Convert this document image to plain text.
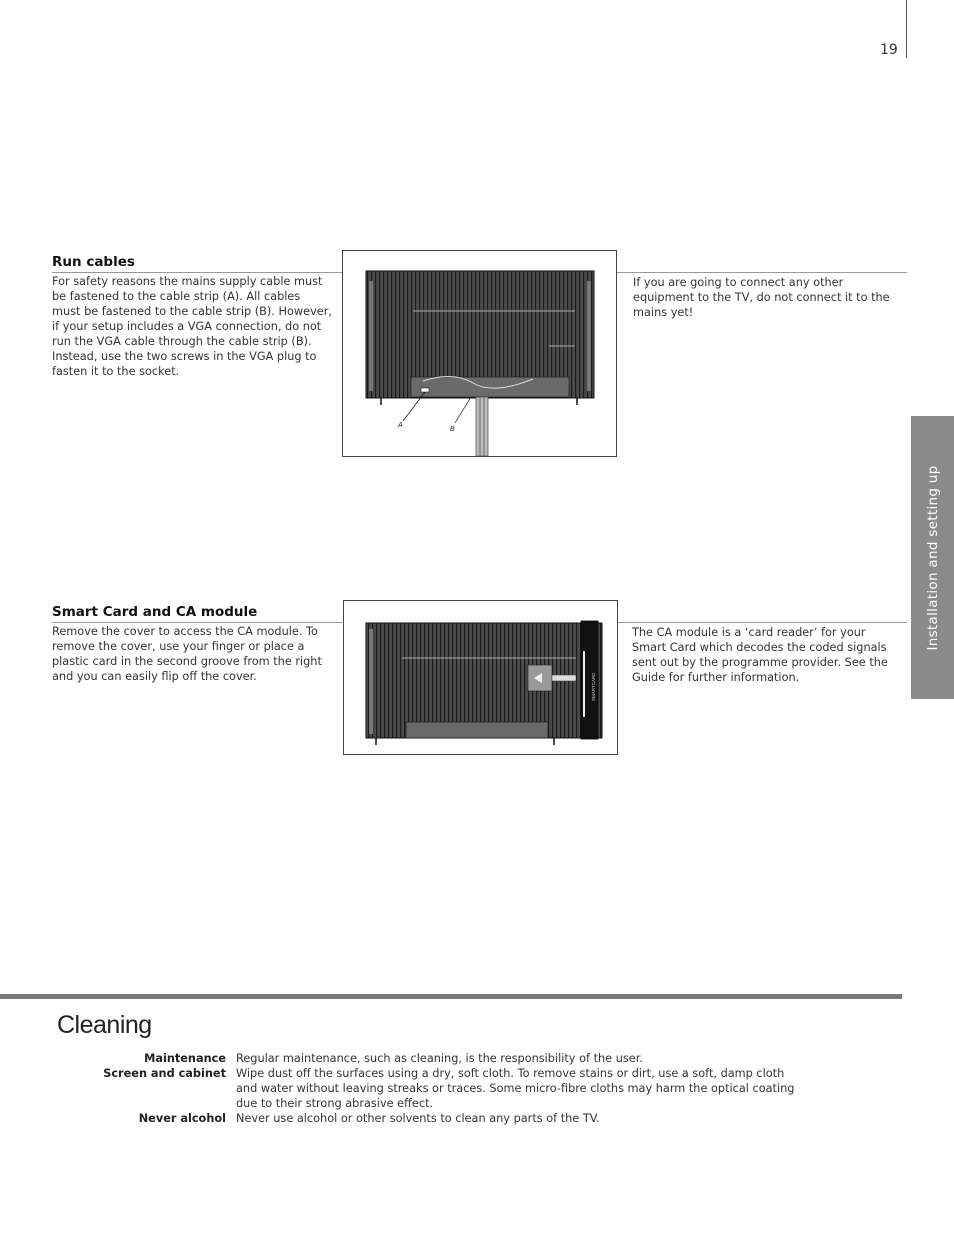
19
Installation and setting up
Run cables
For safety reasons the mains supply cable must be fastened to the cable strip (A). All cables must be fastened to the cable strip (B). However, if your setup includes a VGA connection, do not run the VGA cable through the cable strip (B). Instead, use the two screws in the VGA plug to fasten it to the socket.
A
B
If you are going to connect any other equipment to the TV, do not connect it to the mains yet!
Smart Card and CA module
Remove the cover to access the CA module. To remove the cover, use your finger or place a plastic card in the second groove from the right and you can easily flip off the cover.	SMARTCARD
The CA module is a ‘card reader’ for your Smart Card which decodes the coded signals sent out by the programme provider. See the Guide for further information.
Cleaning
Maintenance Regular maintenance, such as cleaning, is the responsibility of the user.
Screen and cabinet Wipe dust off the surfaces using a dry, soft cloth. To remove stains or dirt, use a soft, damp cloth and water without leaving streaks or traces. Some micro-fibre cloths may harm the optical coating due to their strong abrasive effect.
Never alcohol Never use alcohol or other solvents to clean any parts of the TV.
